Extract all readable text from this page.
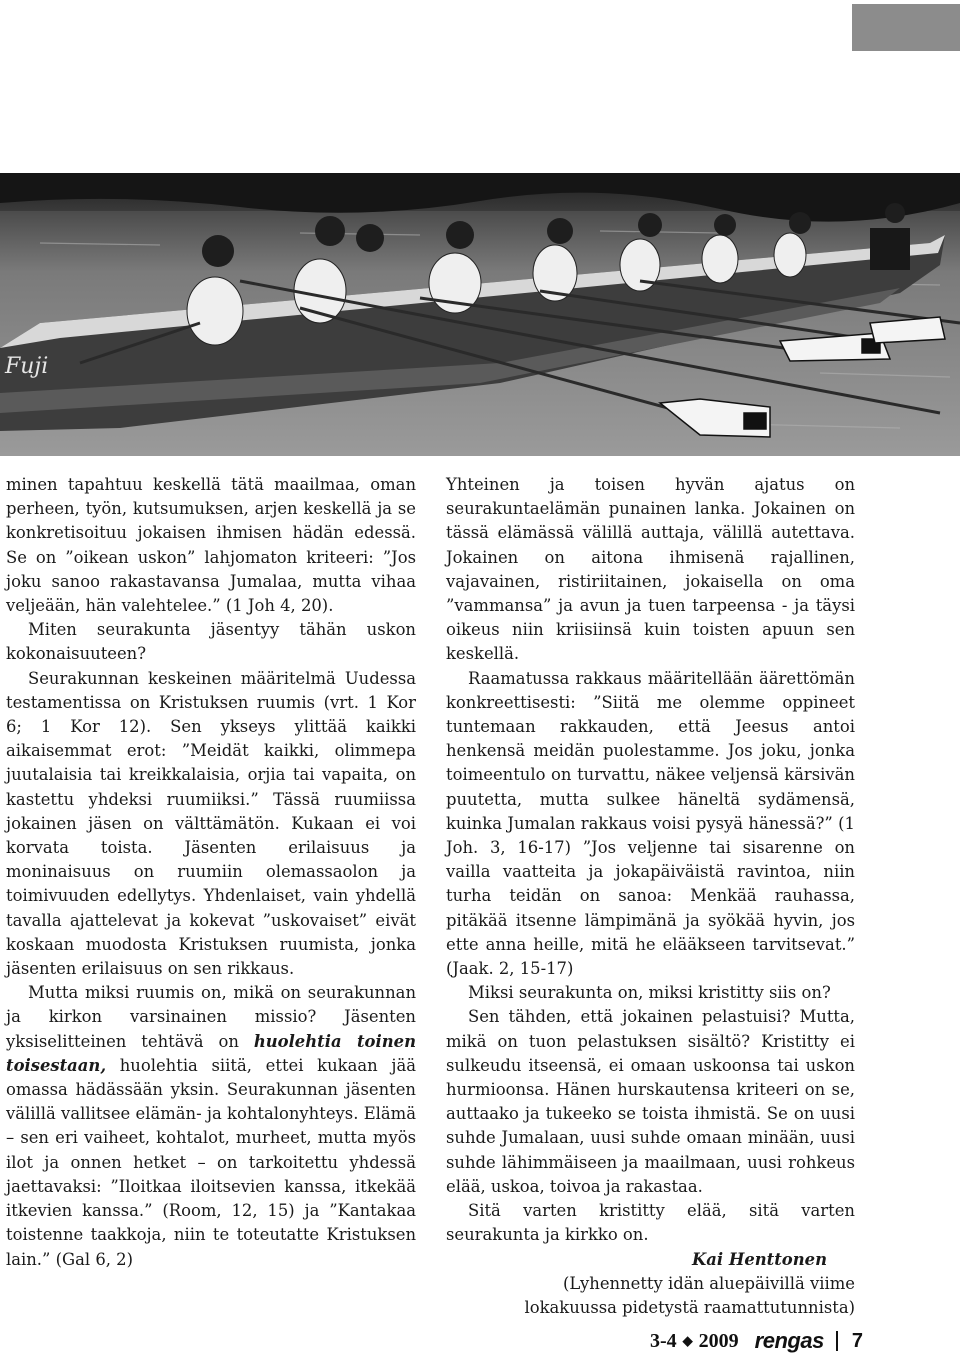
Fuji

minen tapahtuu keskellä tätä maailmaa, oman perheen, työn, kutsumuksen, arjen keskellä ja se konkretisoituu jokaisen ihmisen hädän edessä. Se on ”oikean uskon” lahjomaton kriteeri: ”Jos joku sanoo rakastavansa Jumalaa, mutta vihaa veljeään, hän valehtelee.” (1 Joh 4, 20).

Miten seurakunta jäsentyy tähän uskon kokonaisuuteen?

Seurakunnan keskeinen määritelmä Uudessa testamentissa on Kristuksen ruumis (vrt. 1 Kor 6; 1 Kor 12). Sen ykseys ylittää kaikki aikaisemmat erot: ”Meidät kaikki, olimmepa juutalaisia tai kreikkalaisia, orjia tai vapaita, on kastettu yhdeksi ruumiiksi.” Tässä ruumiissa jokainen jäsen on välttämätön. Kukaan ei voi korvata toista. Jäsenten erilaisuus ja moninaisuus on ruumiin olemassaolon ja toimivuuden edellytys. Yhdenlaiset, vain yhdellä tavalla ajattelevat ja kokevat ”uskovaiset” eivät koskaan muodosta Kristuksen ruumista, jonka jäsenten erilaisuus on sen rikkaus.

Mutta miksi ruumis on, mikä on seurakunnan ja kirkon varsinainen missio? Jäsenten yksiselitteinen tehtävä on huolehtia toinen toisestaan, huolehtia siitä, ettei kukaan jää omassa hädässään yksin. Seurakunnan jäsenten välillä vallitsee elämän- ja kohtalonyhteys. Elämä – sen eri vaiheet, kohtalot, murheet, mutta myös ilot ja onnen hetket – on tarkoitettu yhdessä jaettavaksi: ”Iloitkaa iloitsevien kanssa, itkekää itkevien kanssa.” (Room, 12, 15) ja ”Kantakaa toistenne taakkoja, niin te toteutatte Kristuksen lain.” (Gal 6, 2)

Yhteinen ja toisen hyvän ajatus on seurakuntaelämän punainen lanka. Jokainen on tässä elämässä välillä auttaja, välillä autettava. Jokainen on aitona ihmisenä rajallinen, vajavainen, ristiriitainen, jokaisella on oma ”vammansa” ja avun ja tuen tarpeensa - ja täysi oikeus niin kriisiinsä kuin toisten apuun sen keskellä.

Raamatussa rakkaus määritellään äärettömän konkreettisesti: ”Siitä me olemme oppineet tuntemaan rakkauden, että Jeesus antoi henkensä meidän puolestamme. Jos joku, jonka toimeentulo on turvattu, näkee veljensä kärsivän puutetta, mutta sulkee häneltä sydämensä, kuinka Jumalan rakkaus voisi pysyä hänessä?” (1 Joh. 3, 16-17) ”Jos veljenne tai sisarenne on vailla vaatteita ja jokapäiväistä ravintoa, niin turha teidän on sanoa: Menkää rauhassa, pitäkää itsenne lämpimänä ja syökää hyvin, jos ette anna heille, mitä he elääkseen tarvitsevat.” (Jaak. 2, 15-17)

Miksi seurakunta on, miksi kristitty siis on?

Sen tähden, että jokainen pelastuisi? Mutta, mikä on tuon pelastuksen sisältö? Kristitty ei sulkeudu itseensä, ei omaan uskoonsa tai uskon hurmioonsa. Hänen hurskautensa kriteeri on se, auttaako ja tukeeko se toista ihmistä. Se on uusi suhde Jumalaan, uusi suhde omaan minään, uusi suhde lähimmäiseen ja maailmaan, uusi rohkeus elää, uskoa, toivoa ja rakastaa.

Sitä varten kristitty elää, sitä varten seurakunta ja kirkko on.

Kai Henttonen

(Lyhennetty idän aluepäivillä viime

lokakuussa pidetystä raamattutunnista)

3-4 ◆ 2009 rengas 7
